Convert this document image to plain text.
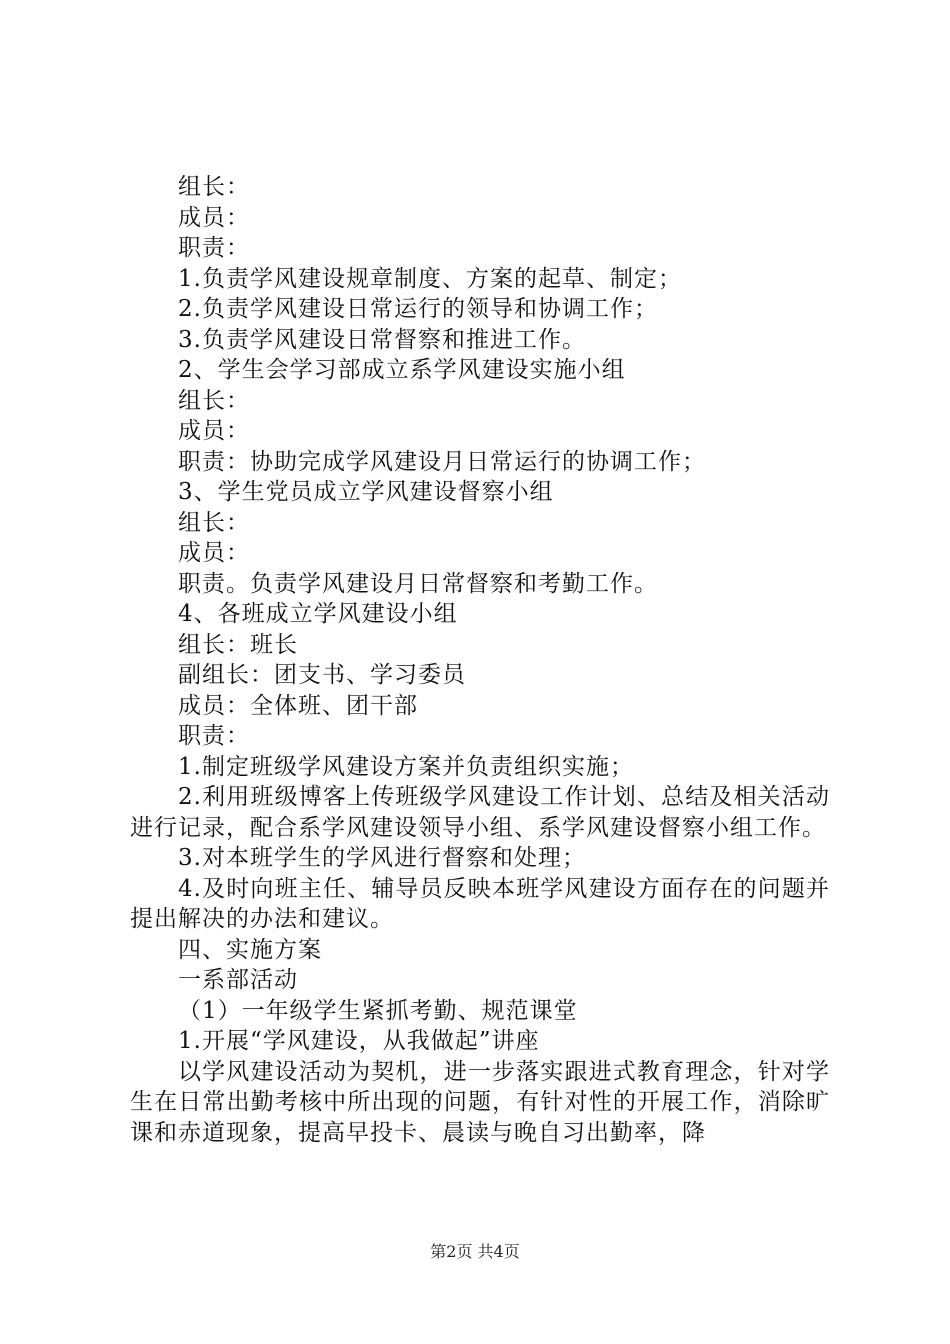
组长：
成员：
职责：
1.负责学风建设规章制度、方案的起草、制定；
2.负责学风建设日常运行的领导和协调工作；
3.负责学风建设日常督察和推进工作。
2、学生会学习部成立系学风建设实施小组
组长：
成员：
职责：协助完成学风建设月日常运行的协调工作；
3、学生党员成立学风建设督察小组
组长：
成员：
职责。负责学风建设月日常督察和考勤工作。
4、各班成立学风建设小组
组长：班长
副组长：团支书、学习委员
成员：全体班、团干部
职责：
1.制定班级学风建设方案并负责组织实施；

2.利用班级博客上传班级学风建设工作计划、总结及相关活动进行记录，配合系学风建设领导小组、系学风建设督察小组工作。

3.对本班学生的学风进行督察和处理；

4.及时向班主任、辅导员反映本班学风建设方面存在的问题并提出解决的办法和建议。

四、实施方案
一系部活动
（1）一年级学生紧抓考勤、规范课堂
1.开展“学风建设，从我做起”讲座

以学风建设活动为契机，进一步落实跟进式教育理念，针对学生在日常出勤考核中所出现的问题，有针对性的开展工作，消除旷课和赤道现象，提高早投卡、晨读与晚自习出勤率，降

第2页 共4页
